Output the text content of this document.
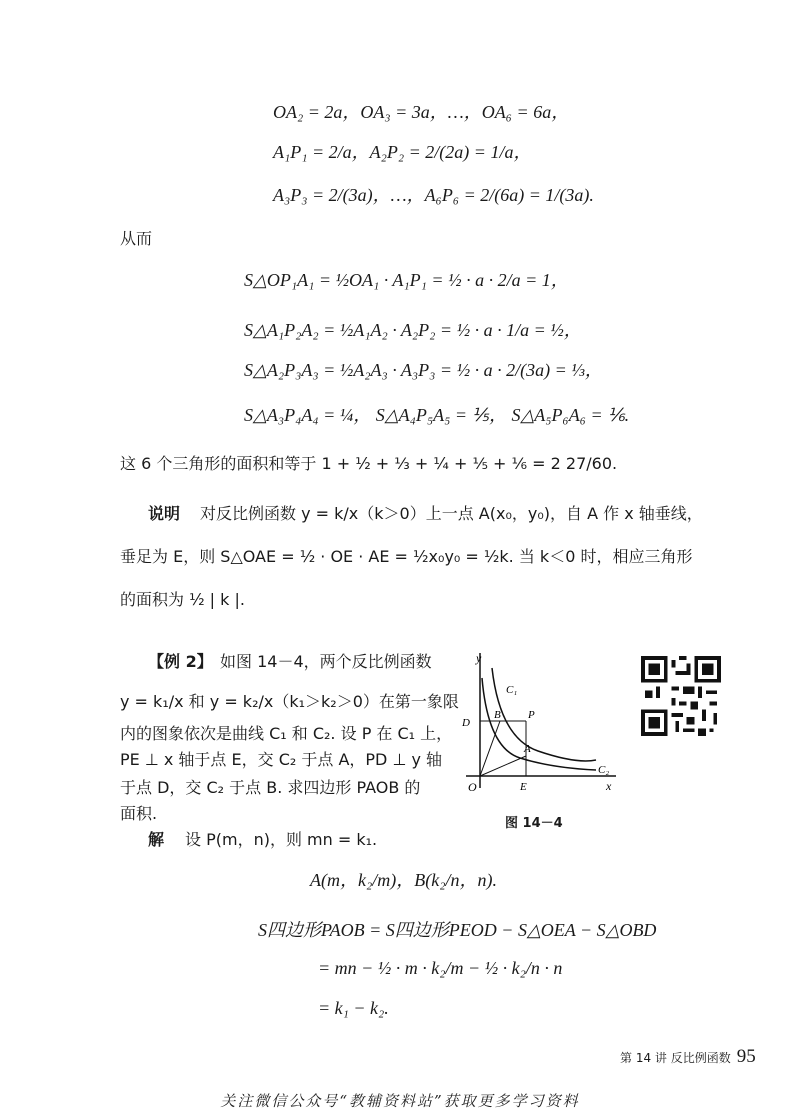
OA₂ = 2a，OA₃ = 3a，…，OA₆ = 6a，
A₁P₁ = 2/a，A₂P₂ = 2/(2a) = 1/a，
A₃P₃ = 2/(3a)，…，A₆P₆ = 2/(6a) = 1/(3a).
从而
S△OP₁A₁ = ½OA₁ · A₁P₁ = ½ · a · 2/a = 1，
S△A₁P₂A₂ = ½A₁A₂ · A₂P₂ = ½ · a · 1/a = ½，
S△A₂P₃A₃ = ½A₂A₃ · A₃P₃ = ½ · a · 2/(3a) = ⅓，
S△A₃P₄A₄ = ¼， S△A₄P₅A₅ = ⅕， S△A₅P₆A₆ = ⅙.
这 6 个三角形的面积和等于 1 + ½ + ⅓ + ¼ + ⅕ + ⅙ = 2 27/60.
说明 对反比例函数 y = k/x（k＞0）上一点 A(x₀，y₀)，自 A 作 x 轴垂线，
垂足为 E，则 S△OAE = ½ · OE · AE = ½x₀y₀ = ½k. 当 k＜0 时，相应三角形
的面积为 ½ | k |.
【例 2】 如图 14－4，两个反比例函数
y = k₁/x 和 y = k₂/x（k₁＞k₂＞0）在第一象限
内的图象依次是曲线 C₁ 和 C₂. 设 P 在 C₁ 上，
PE ⊥ x 轴于点 E，交 C₂ 于点 A，PD ⊥ y 轴
于点 D，交 C₂ 于点 B. 求四边形 PAOB 的
面积.
解 设 P(m，n)，则 mn = k₁.
A(m，k₂/m)，B(k₂/n，n).
S四边形PAOB = S四边形PEOD − S△OEA − S△OBD
= mn − ½ · m · k₂/m − ½ · k₂/n · n
= k₁ − k₂.
y
x
O
C₁
C₂
D
B P
A
E
图 14－4
第 14 讲 反比例函数 95
关注微信公众号“教辅资料站”获取更多学习资料
